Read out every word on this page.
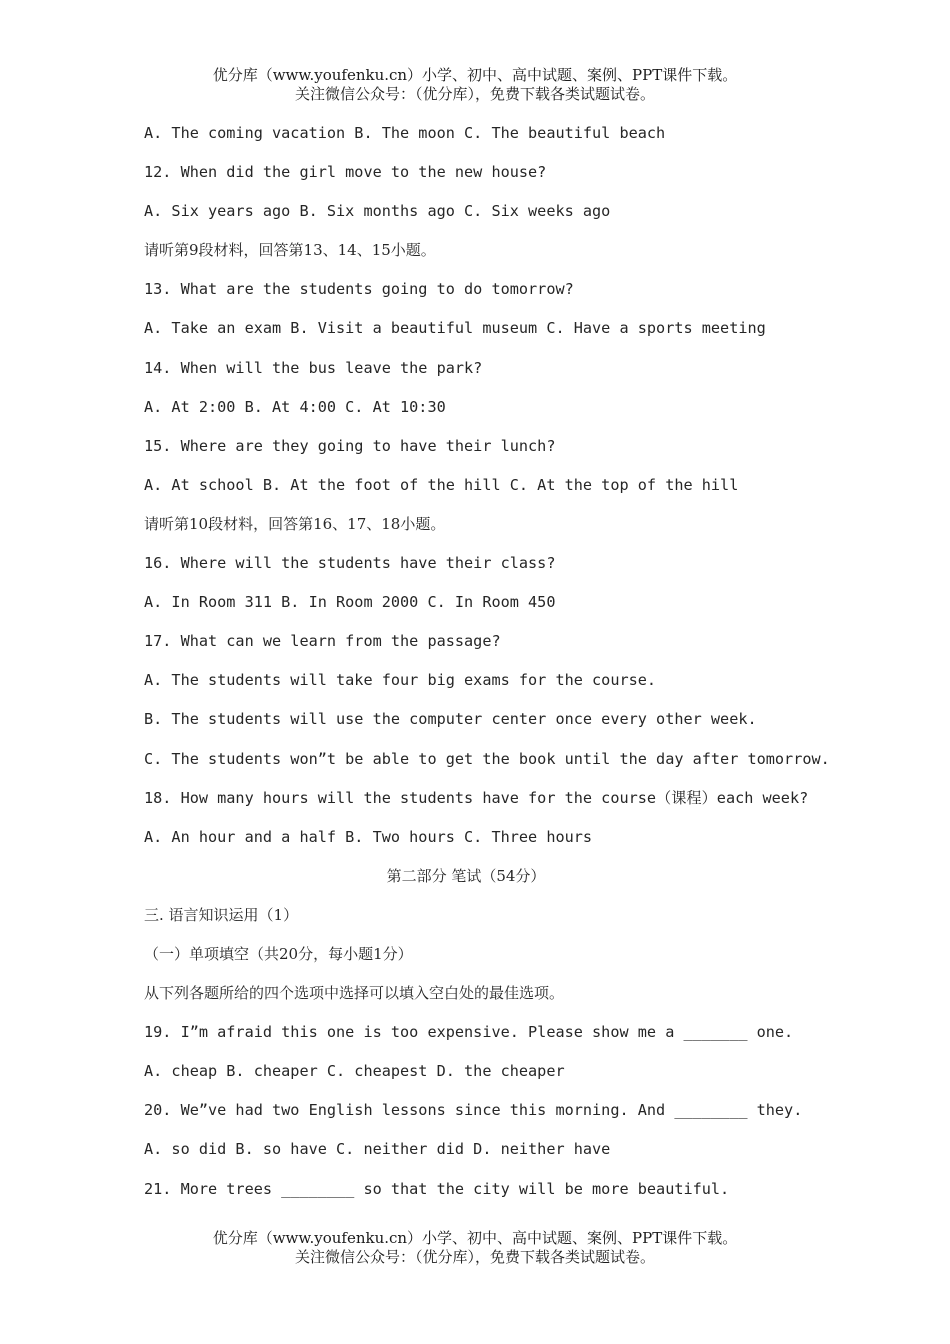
优分库（www.youfenku.cn）小学、初中、高中试题、案例、PPT课件下载。
关注微信公众号：（优分库），免费下载各类试题试卷。
A. The coming vacation B. The moon C. The beautiful beach
12. When did the girl move to the new house?
A. Six years ago B. Six months ago C. Six weeks ago
请听第9段材料，回答第13、14、15小题。
13. What are the students going to do tomorrow?
A. Take an exam B. Visit a beautiful museum C. Have a sports meeting
14. When will the bus leave the park?
A. At 2:00 B. At 4:00 C. At 10:30
15. Where are they going to have their lunch?
A. At school B. At the foot of the hill C. At the top of the hill
请听第10段材料，回答第16、17、18小题。
16. Where will the students have their class?
A. In Room 311 B. In Room 2000 C. In Room 450
17. What can we learn from the passage?
A. The students will take four big exams for the course.
B. The students will use the computer center once every other week.
C. The students won”t be able to get the book until the day after tomorrow.
18. How many hours will the students have for the course（课程）each week?
A. An hour and a half B. Two hours C. Three hours
第二部分 笔试（54分）
三. 语言知识运用（1）
（一）单项填空（共20分，每小题1分）
从下列各题所给的四个选项中选择可以填入空白处的最佳选项。
19. I”m afraid this one is too expensive. Please show me a _______ one.
A. cheap B. cheaper C. cheapest D. the cheaper
20. We”ve had two English lessons since this morning. And ________ they.
A. so did B. so have C. neither did D. neither have
21. More trees ________ so that the city will be more beautiful.
优分库（www.youfenku.cn）小学、初中、高中试题、案例、PPT课件下载。
关注微信公众号：（优分库），免费下载各类试题试卷。
